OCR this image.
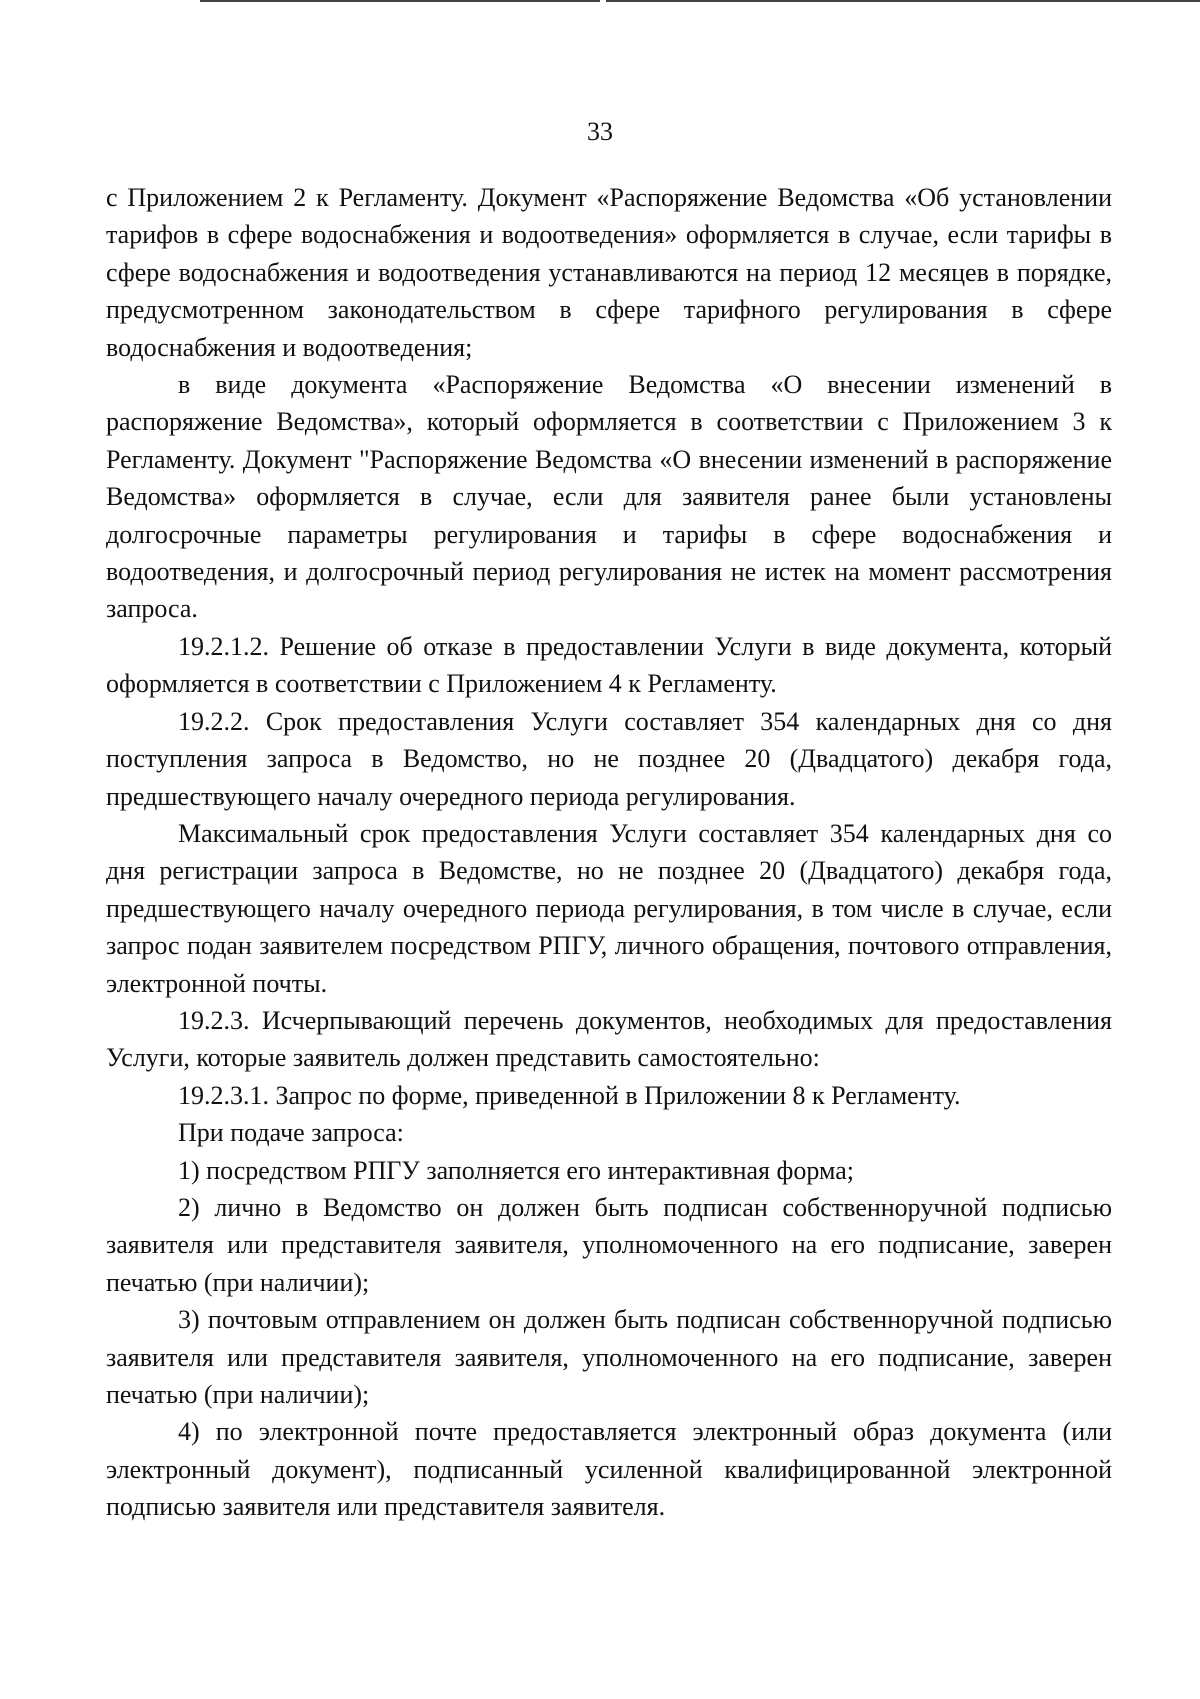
33

с Приложением 2 к Регламенту. Документ «Распоряжение Ведомства «Об установлении тарифов в сфере водоснабжения и водоотведения» оформляется в случае, если тарифы в сфере водоснабжения и водоотведения устанавливаются на период 12 месяцев в порядке, предусмотренном законодательством в сфере тарифного регулирования в сфере водоснабжения и водоотведения;

в виде документа «Распоряжение Ведомства «О внесении изменений в распоряжение Ведомства», который оформляется в соответствии с Приложением 3 к Регламенту. Документ "Распоряжение Ведомства «О внесении изменений в распоряжение Ведомства» оформляется в случае, если для заявителя ранее были установлены долгосрочные параметры регулирования и тарифы в сфере водоснабжения и водоотведения, и долгосрочный период регулирования не истек на момент рассмотрения запроса.

19.2.1.2. Решение об отказе в предоставлении Услуги в виде документа, который оформляется в соответствии с Приложением 4 к Регламенту.

19.2.2. Срок предоставления Услуги составляет 354 календарных дня со дня поступления запроса в Ведомство, но не позднее 20 (Двадцатого) декабря года, предшествующего началу очередного периода регулирования.

Максимальный срок предоставления Услуги составляет 354 календарных дня со дня регистрации запроса в Ведомстве, но не позднее 20 (Двадцатого) декабря года, предшествующего началу очередного периода регулирования, в том числе в случае, если запрос подан заявителем посредством РПГУ, личного обращения, почтового отправления, электронной почты.

19.2.3. Исчерпывающий перечень документов, необходимых для предоставления Услуги, которые заявитель должен представить самостоятельно:

19.2.3.1. Запрос по форме, приведенной в Приложении 8 к Регламенту.

При подаче запроса:

1) посредством РПГУ заполняется его интерактивная форма;

2) лично в Ведомство он должен быть подписан собственноручной подписью заявителя или представителя заявителя, уполномоченного на его подписание, заверен печатью (при наличии);

3) почтовым отправлением он должен быть подписан собственноручной подписью заявителя или представителя заявителя, уполномоченного на его подписание, заверен печатью (при наличии);

4) по электронной почте предоставляется электронный образ документа (или электронный документ), подписанный усиленной квалифицированной электронной подписью заявителя или представителя заявителя.
